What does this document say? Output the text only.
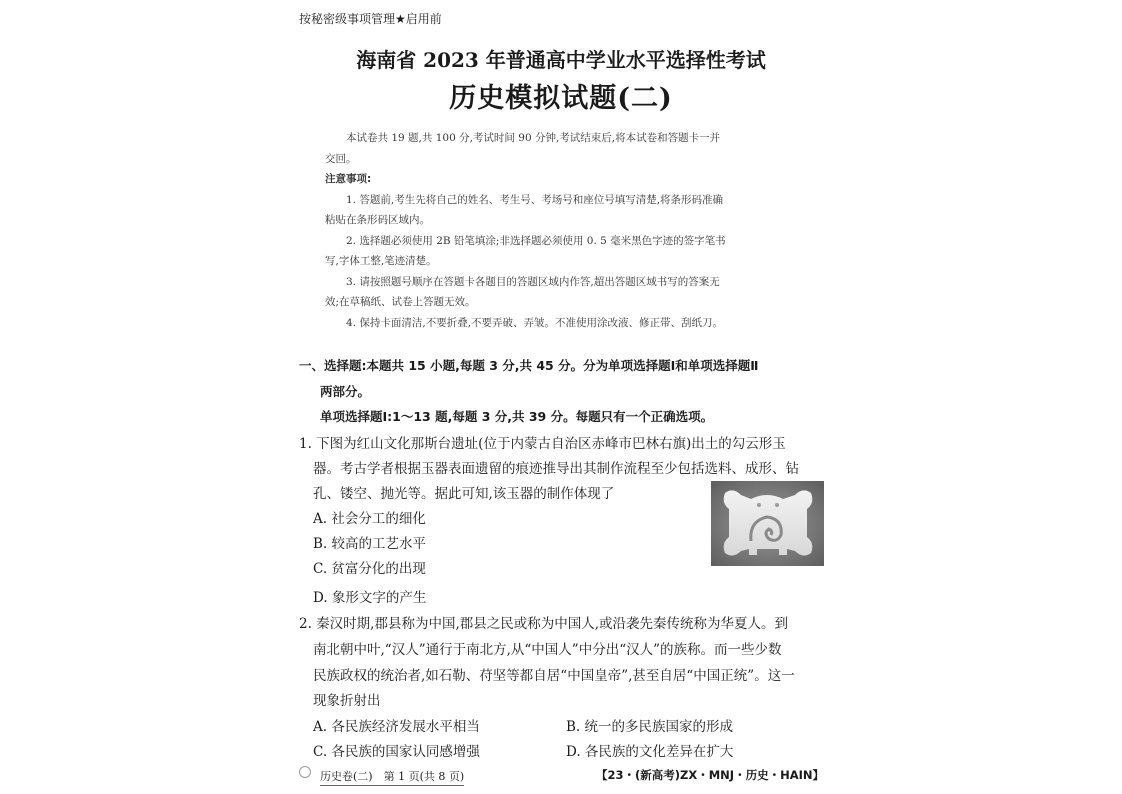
按秘密级事项管理★启用前
海南省 2023 年普通高中学业水平选择性考试
历史模拟试题(二)
本试卷共 19 题,共 100 分,考试时间 90 分钟,考试结束后,将本试卷和答题卡一并
交回。
注意事项:
1. 答题前,考生先将自己的姓名、考生号、考场号和座位号填写清楚,将条形码准确
粘贴在条形码区域内。
2. 选择题必须使用 2B 铅笔填涂;非选择题必须使用 0. 5 毫米黑色字迹的签字笔书
写,字体工整,笔迹清楚。
3. 请按照题号顺序在答题卡各题目的答题区域内作答,超出答题区域书写的答案无
效;在草稿纸、试卷上答题无效。
4. 保持卡面清洁,不要折叠,不要弄破、弄皱。不准使用涂改液、修正带、刮纸刀。
一、选择题:本题共 15 小题,每题 3 分,共 45 分。分为单项选择题Ⅰ和单项选择题Ⅱ
两部分。
单项选择题Ⅰ:1～13 题,每题 3 分,共 39 分。每题只有一个正确选项。
1. 下图为红山文化那斯台遗址(位于内蒙古自治区赤峰市巴林右旗)出土的勾云形玉
器。考古学者根据玉器表面遗留的痕迹推导出其制作流程至少包括选料、成形、钻
孔、镂空、抛光等。据此可知,该玉器的制作体现了
A. 社会分工的细化
B. 较高的工艺水平
C. 贫富分化的出现
D. 象形文字的产生
2. 秦汉时期,郡县称为中国,郡县之民或称为中国人,或沿袭先秦传统称为华夏人。到
南北朝中叶,“汉人”通行于南北方,从“中国人”中分出“汉人”的族称。而一些少数
民族政权的统治者,如石勒、苻坚等都自居“中国皇帝”,甚至自居“中国正统”。这一
现象折射出
A. 各民族经济发展水平相当	B. 统一的多民族国家的形成
C. 各民族的国家认同感增强	D. 各民族的文化差异在扩大
历史卷(二)　第 1 页(共 8 页)	【23・(新高考)ZX・MNJ・历史・HAIN】
